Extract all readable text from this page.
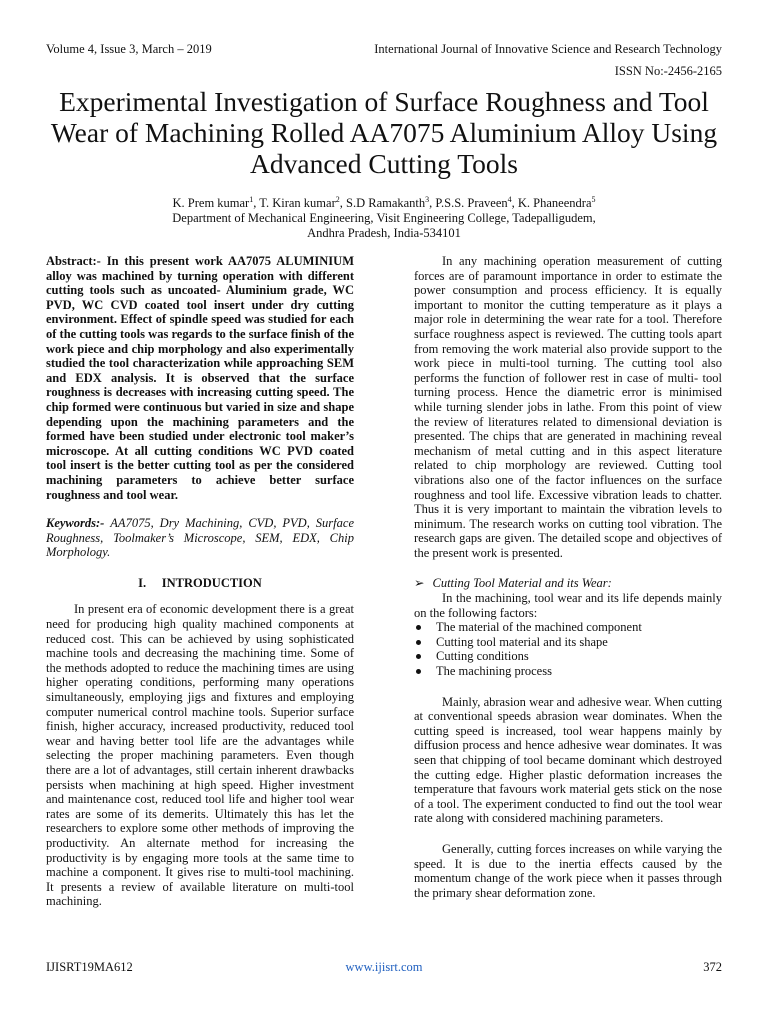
Volume 4, Issue 3, March – 2019	International Journal of Innovative Science and Research Technology
ISSN No:-2456-2165
Experimental Investigation of Surface Roughness and Tool Wear of Machining Rolled AA7075 Aluminium Alloy Using Advanced Cutting Tools
K. Prem kumar$^1$, T. Kiran kumar$^2$, S.D Ramakanth$^3$, P.S.S. Praveen$^4$, K. Phaneendra$^5$
Department of Mechanical Engineering, Visit Engineering College, Tadepalligudem,
Andhra Pradesh, India-534101

Abstract:- In this present work AA7075 ALUMINIUM alloy was machined by turning operation with different cutting tools such as uncoated- Aluminium grade, WC PVD, WC CVD coated tool insert under dry cutting environment. Effect of spindle speed was studied for each of the cutting tools was regards to the surface finish of the work piece and chip morphology and also experimentally studied the tool characterization while approaching SEM and EDX analysis. It is observed that the surface roughness is decreases with increasing cutting speed. The chip formed were continuous but varied in size and shape depending upon the machining parameters and the formed have been studied under electronic tool maker’s microscope. At all cutting conditions WC PVD coated tool insert is the better cutting tool as per the considered machining parameters to achieve better surface roughness and tool wear.

Keywords:- AA7075, Dry Machining, CVD, PVD, Surface Roughness, Toolmaker’s Microscope, SEM, EDX, Chip Morphology.

I.     INTRODUCTION

In present era of economic development there is a great need for producing high quality machined components at reduced cost. This can be achieved by using sophisticated machine tools and decreasing the machining time. Some of the methods adopted to reduce the machining times are using higher operating conditions, performing many operations simultaneously, employing jigs and fixtures and employing computer numerical control machine tools. Superior surface finish, higher accuracy, increased productivity, reduced tool wear and having better tool life are the advantages while selecting the proper machining parameters. Even though there are a lot of advantages, still certain inherent drawbacks persists when machining at high speed. Higher investment and maintenance cost, reduced tool life and higher tool wear rates are some of its demerits. Ultimately this has let the researchers to explore some other methods of improving the productivity. An alternate method for increasing the productivity is by engaging more tools at the same time to machine a component. It gives rise to multi-tool machining. It presents a review of available literature on multi-tool machining.

In any machining operation measurement of cutting forces are of paramount importance in order to estimate the power consumption and process efficiency. It is equally important to monitor the cutting temperature as it plays a major role in determining the wear rate for a tool. Therefore surface roughness aspect is reviewed. The cutting tools apart from removing the work material also provide support to the work piece in multi-tool turning. The cutting tool also performs the function of follower rest in case of multi- tool turning process. Hence the diametric error is minimised while turning slender jobs in lathe. From this point of view the review of literatures related to dimensional deviation is presented. The chips that are generated in machining reveal mechanism of metal cutting and in this aspect literature related to chip morphology are reviewed. Cutting tool vibrations also one of the factor influences on the surface roughness and tool life. Excessive vibration leads to chatter. Thus it is very important to maintain the vibration levels to minimum. The research works on cutting tool vibration. The research gaps are given. The detailed scope and objectives of the present work is presented.

➢ Cutting Tool Material and its Wear:

In the machining, tool wear and its life depends mainly on the following factors:

The material of the machined component
Cutting tool material and its shape
Cutting conditions
The machining process

Mainly, abrasion wear and adhesive wear. When cutting at conventional speeds abrasion wear dominates. When the cutting speed is increased, tool wear happens mainly by diffusion process and hence adhesive wear dominates. It was seen that chipping of tool became dominant which destroyed the cutting edge. Higher plastic deformation increases the temperature that favours work material gets stick on the nose of a tool. The experiment conducted to find out the tool wear rate along with considered machining parameters.

Generally, cutting forces increases on while varying the speed. It is due to the inertia effects caused by the momentum change of the work piece when it passes through the primary shear deformation zone.

IJISRT19MA612	www.ijisrt.com	372
